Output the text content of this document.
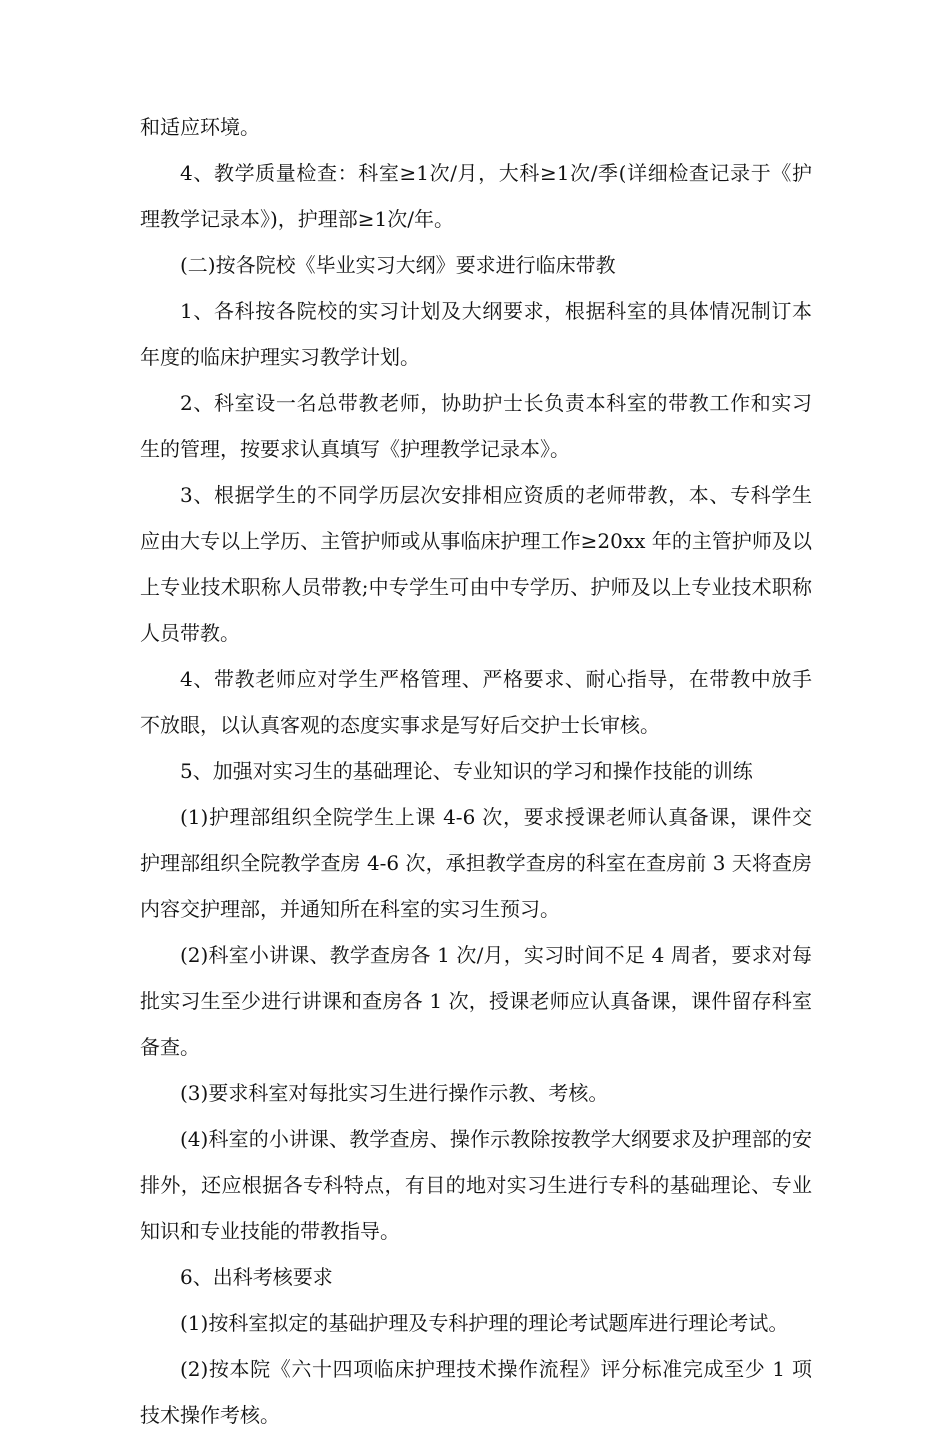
和适应环境。

4、教学质量检查：科室≥1次/月，大科≥1次/季(详细检查记录于《护理教学记录本》)，护理部≥1次/年。

(二)按各院校《毕业实习大纲》要求进行临床带教

1、各科按各院校的实习计划及大纲要求，根据科室的具体情况制订本年度的临床护理实习教学计划。

2、科室设一名总带教老师，协助护士长负责本科室的带教工作和实习生的管理，按要求认真填写《护理教学记录本》。

3、根据学生的不同学历层次安排相应资质的老师带教，本、专科学生应由大专以上学历、主管护师或从事临床护理工作≥20xx 年的主管护师及以上专业技术职称人员带教;中专学生可由中专学历、护师及以上专业技术职称人员带教。

4、带教老师应对学生严格管理、严格要求、耐心指导，在带教中放手不放眼，以认真客观的态度实事求是写好后交护士长审核。

5、加强对实习生的基础理论、专业知识的学习和操作技能的训练

(1)护理部组织全院学生上课 4-6 次，要求授课老师认真备课，课件交护理部组织全院教学查房 4-6 次，承担教学查房的科室在查房前 3 天将查房内容交护理部，并通知所在科室的实习生预习。

(2)科室小讲课、教学查房各 1 次/月，实习时间不足 4 周者，要求对每批实习生至少进行讲课和查房各 1 次，授课老师应认真备课，课件留存科室备查。

(3)要求科室对每批实习生进行操作示教、考核。

(4)科室的小讲课、教学查房、操作示教除按教学大纲要求及护理部的安排外，还应根据各专科特点，有目的地对实习生进行专科的基础理论、专业知识和专业技能的带教指导。

6、出科考核要求

(1)按科室拟定的基础护理及专科护理的理论考试题库进行理论考试。

(2)按本院《六十四项临床护理技术操作流程》评分标准完成至少 1 项技术操作考核。
